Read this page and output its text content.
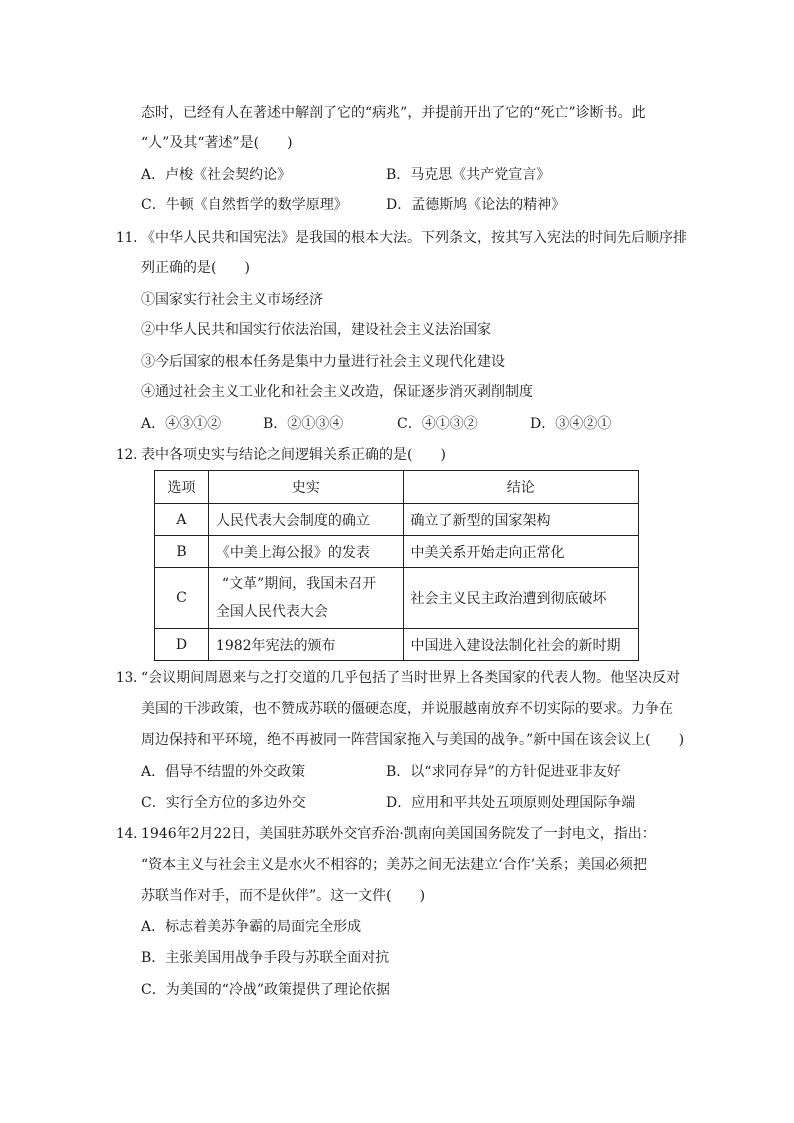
态时，已经有人在著述中解剖了它的“病兆”，并提前开出了它的“死亡”诊断书。此
“人”及其“著述”是(　　)
A．卢梭《社会契约论》	B．马克思《共产党宣言》
C．牛顿《自然哲学的数学原理》	D．孟德斯鸠《论法的精神》
11. 《中华人民共和国宪法》是我国的根本大法。下列条文，按其写入宪法的时间先后顺序排
列正确的是(　　)
①国家实行社会主义市场经济
②中华人民共和国实行依法治国，建设社会主义法治国家
③今后国家的根本任务是集中力量进行社会主义现代化建设
④通过社会主义工业化和社会主义改造，保证逐步消灭剥削制度
A．④③①②	B．②①③④	C．④①③②	D．③④②①
12. 表中各项史实与结论之间逻辑关系正确的是(　　)
选项	史实	结论
A	人民代表大会制度的确立	确立了新型的国家架构
B	《中美上海公报》的发表	中美关系开始走向正常化
C	“文革”期间，我国未召开
全国人民代表大会	社会主义民主政治遭到彻底破坏
D	1982年宪法的颁布	中国进入建设法制化社会的新时期
13. “会议期间周恩来与之打交道的几乎包括了当时世界上各类国家的代表人物。他坚决反对
美国的干涉政策，也不赞成苏联的僵硬态度，并说服越南放弃不切实际的要求。力争在
周边保持和平环境，绝不再被同一阵营国家拖入与美国的战争。”新中国在该会议上(　　)
A．倡导不结盟的外交政策	B．以“求同存异”的方针促进亚非友好
C．实行全方位的多边外交	D．应用和平共处五项原则处理国际争端
14. 1946年2月22日，美国驻苏联外交官乔治·凯南向美国国务院发了一封电文，指出：
“资本主义与社会主义是水火不相容的；美苏之间无法建立‘合作’关系；美国必须把
苏联当作对手，而不是伙伴”。这一文件(　　)
A．标志着美苏争霸的局面完全形成
B．主张美国用战争手段与苏联全面对抗
C．为美国的“冷战”政策提供了理论依据
